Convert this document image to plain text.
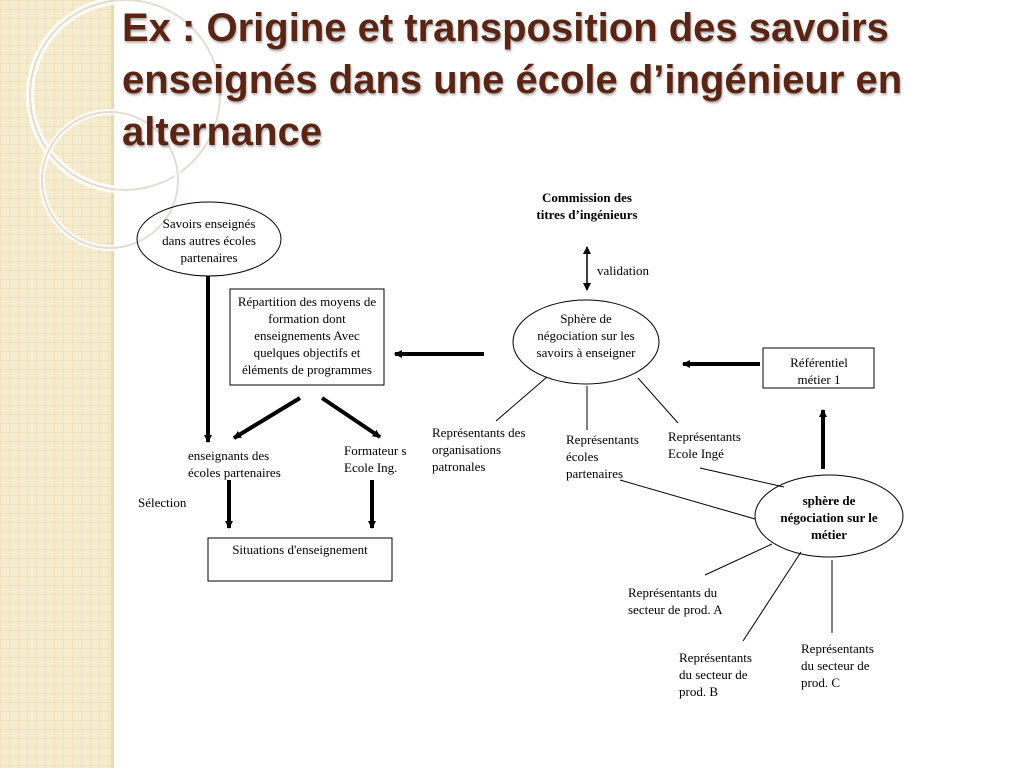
Ex : Origine et transposition des savoirs enseignés dans une école d’ingénieur en alternance
Commission des titres d’ingénieurs
validation
Savoirs enseignés dans autres écoles partenaires
Répartition des moyens de formation dont enseignements Avec quelques objectifs et éléments de programmes
Sphère de négociation sur les savoirs à enseigner
Référentiel métier 1
enseignants des écoles partenaires
Sélection
Formateur s Ecole Ing.
Situations d'enseignement
Représentants des organisations patronales
Représentants écoles partenaires
Représentants Ecole Ingé
sphère de négociation sur le métier
Représentants du secteur de prod. A
Représentants du secteur de prod. B
Représentants du secteur de prod. C
